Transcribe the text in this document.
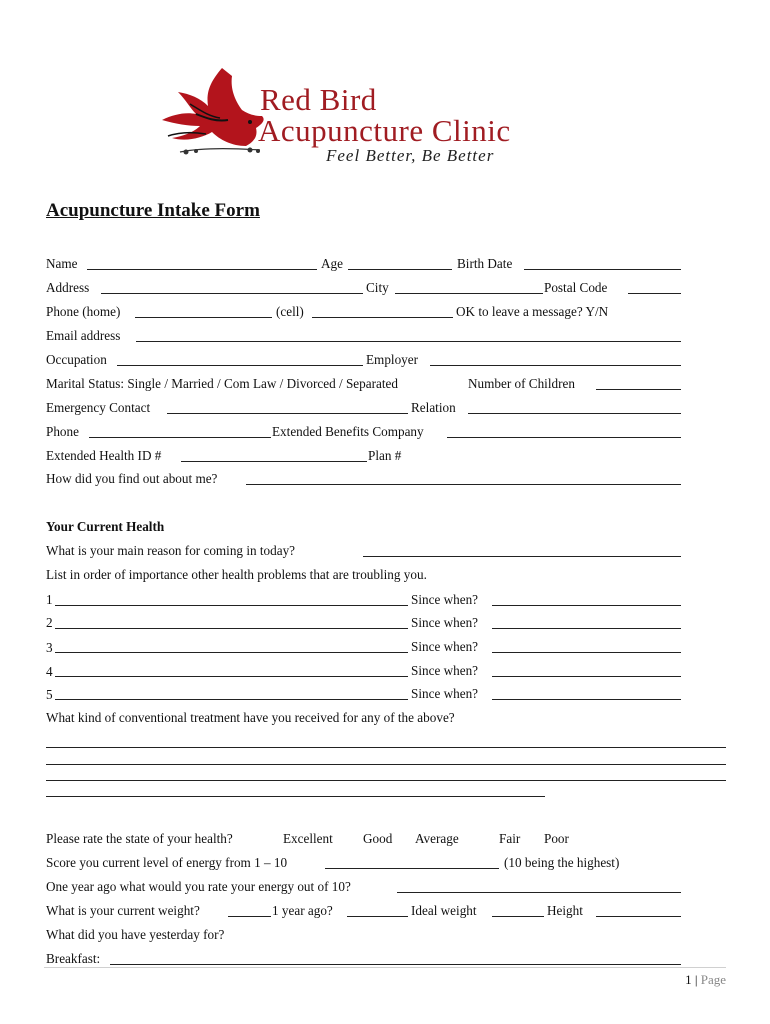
Red Bird
Acupuncture Clinic
Feel Better, Be Better
Acupuncture Intake Form
Name	Age	Birth Date
Address	City	Postal Code
Phone (home)	(cell)	OK to leave a message? Y/N
Email address
Occupation	Employer
Marital Status: Single / Married / Com Law / Divorced / Separated	Number of Children
Emergency Contact	Relation
Phone	Extended Benefits Company
Extended Health ID #	Plan #
How did you find out about me?
Your Current Health
What is your main reason for coming in today?
List in order of importance other health problems that are troubling you.
1	Since when?
2	Since when?
3	Since when?
4	Since when?
5	Since when?
What kind of conventional treatment have you received for any of the above?
Please rate the state of your health?	Excellent Good Average	Fair Poor
Score you current level of energy from 1 – 10	(10 being the highest)
One year ago what would you rate your energy out of 10?
What is your current weight?	1 year ago?	Ideal weight	Height
What did you have yesterday for?
Breakfast:
1 | Page
